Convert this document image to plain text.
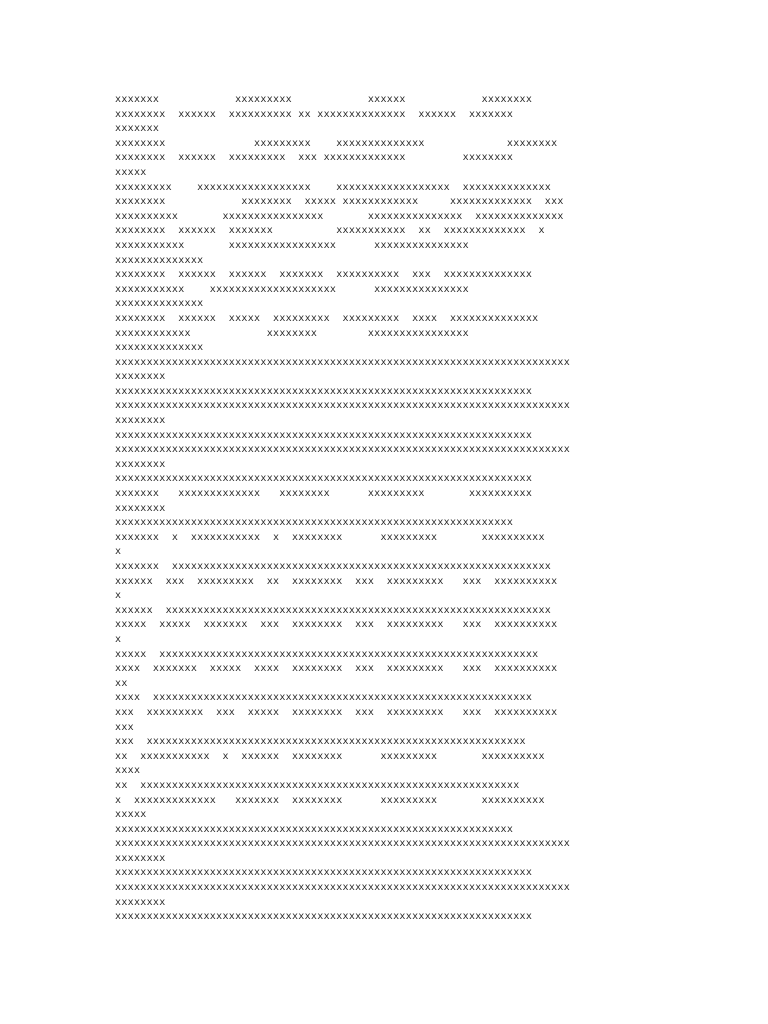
xxxxxxx            xxxxxxxxx            xxxxxx            xxxxxxxx
xxxxxxxx  xxxxxx  xxxxxxxxxx xx xxxxxxxxxxxxxx  xxxxxx  xxxxxxx
xxxxxxx
xxxxxxxx              xxxxxxxxx    xxxxxxxxxxxxxx             xxxxxxxx
xxxxxxxx  xxxxxx  xxxxxxxxx  xxx xxxxxxxxxxxxx         xxxxxxxx
xxxxx
xxxxxxxxx    xxxxxxxxxxxxxxxxxx    xxxxxxxxxxxxxxxxxx  xxxxxxxxxxxxxx
xxxxxxxx            xxxxxxxx  xxxxx xxxxxxxxxxxx     xxxxxxxxxxxxx  xxx
xxxxxxxxxx       xxxxxxxxxxxxxxxx       xxxxxxxxxxxxxxx  xxxxxxxxxxxxxx
xxxxxxxx  xxxxxx  xxxxxxx          xxxxxxxxxxx  xx  xxxxxxxxxxxxx  x
xxxxxxxxxxx       xxxxxxxxxxxxxxxxx      xxxxxxxxxxxxxxx
xxxxxxxxxxxxxx
xxxxxxxx  xxxxxx  xxxxxx  xxxxxxx  xxxxxxxxxx  xxx  xxxxxxxxxxxxxx
xxxxxxxxxxx    xxxxxxxxxxxxxxxxxxxx      xxxxxxxxxxxxxxx
xxxxxxxxxxxxxx
xxxxxxxx  xxxxxx  xxxxx  xxxxxxxxx  xxxxxxxxx  xxxx  xxxxxxxxxxxxxx
xxxxxxxxxxxx            xxxxxxxx        xxxxxxxxxxxxxxxx
xxxxxxxxxxxxxx
xxxxxxxxxxxxxxxxxxxxxxxxxxxxxxxxxxxxxxxxxxxxxxxxxxxxxxxxxxxxxxxxxxxxxxxx
xxxxxxxx
xxxxxxxxxxxxxxxxxxxxxxxxxxxxxxxxxxxxxxxxxxxxxxxxxxxxxxxxxxxxxxxxxx
xxxxxxxxxxxxxxxxxxxxxxxxxxxxxxxxxxxxxxxxxxxxxxxxxxxxxxxxxxxxxxxxxxxxxxxx
xxxxxxxx
xxxxxxxxxxxxxxxxxxxxxxxxxxxxxxxxxxxxxxxxxxxxxxxxxxxxxxxxxxxxxxxxxx
xxxxxxxxxxxxxxxxxxxxxxxxxxxxxxxxxxxxxxxxxxxxxxxxxxxxxxxxxxxxxxxxxxxxxxxx
xxxxxxxx
xxxxxxxxxxxxxxxxxxxxxxxxxxxxxxxxxxxxxxxxxxxxxxxxxxxxxxxxxxxxxxxxxx
xxxxxxx   xxxxxxxxxxxxx   xxxxxxxx      xxxxxxxxx       xxxxxxxxxx
xxxxxxxx
xxxxxxxxxxxxxxxxxxxxxxxxxxxxxxxxxxxxxxxxxxxxxxxxxxxxxxxxxxxxxxx
xxxxxxx  x  xxxxxxxxxxx  x  xxxxxxxx      xxxxxxxxx       xxxxxxxxxx
x
xxxxxxx  xxxxxxxxxxxxxxxxxxxxxxxxxxxxxxxxxxxxxxxxxxxxxxxxxxxxxxxxxxxx
xxxxxx  xxx  xxxxxxxxx  xx  xxxxxxxx  xxx  xxxxxxxxx   xxx  xxxxxxxxxx
x
xxxxxx  xxxxxxxxxxxxxxxxxxxxxxxxxxxxxxxxxxxxxxxxxxxxxxxxxxxxxxxxxxxxx
xxxxx  xxxxx  xxxxxxx  xxx  xxxxxxxx  xxx  xxxxxxxxx   xxx  xxxxxxxxxx
x
xxxxx  xxxxxxxxxxxxxxxxxxxxxxxxxxxxxxxxxxxxxxxxxxxxxxxxxxxxxxxxxxxx
xxxx  xxxxxxx  xxxxx  xxxx  xxxxxxxx  xxx  xxxxxxxxx   xxx  xxxxxxxxxx
xx
xxxx  xxxxxxxxxxxxxxxxxxxxxxxxxxxxxxxxxxxxxxxxxxxxxxxxxxxxxxxxxxxx
xxx  xxxxxxxxx  xxx  xxxxx  xxxxxxxx  xxx  xxxxxxxxx   xxx  xxxxxxxxxx
xxx
xxx  xxxxxxxxxxxxxxxxxxxxxxxxxxxxxxxxxxxxxxxxxxxxxxxxxxxxxxxxxxxx
xx  xxxxxxxxxxx  x  xxxxxx  xxxxxxxx      xxxxxxxxx       xxxxxxxxxx
xxxx
xx  xxxxxxxxxxxxxxxxxxxxxxxxxxxxxxxxxxxxxxxxxxxxxxxxxxxxxxxxxxxx
x  xxxxxxxxxxxxx   xxxxxxx  xxxxxxxx      xxxxxxxxx       xxxxxxxxxx
xxxxx
xxxxxxxxxxxxxxxxxxxxxxxxxxxxxxxxxxxxxxxxxxxxxxxxxxxxxxxxxxxxxxx
xxxxxxxxxxxxxxxxxxxxxxxxxxxxxxxxxxxxxxxxxxxxxxxxxxxxxxxxxxxxxxxxxxxxxxxx
xxxxxxxx
xxxxxxxxxxxxxxxxxxxxxxxxxxxxxxxxxxxxxxxxxxxxxxxxxxxxxxxxxxxxxxxxxx
xxxxxxxxxxxxxxxxxxxxxxxxxxxxxxxxxxxxxxxxxxxxxxxxxxxxxxxxxxxxxxxxxxxxxxxx
xxxxxxxx
xxxxxxxxxxxxxxxxxxxxxxxxxxxxxxxxxxxxxxxxxxxxxxxxxxxxxxxxxxxxxxxxxx
